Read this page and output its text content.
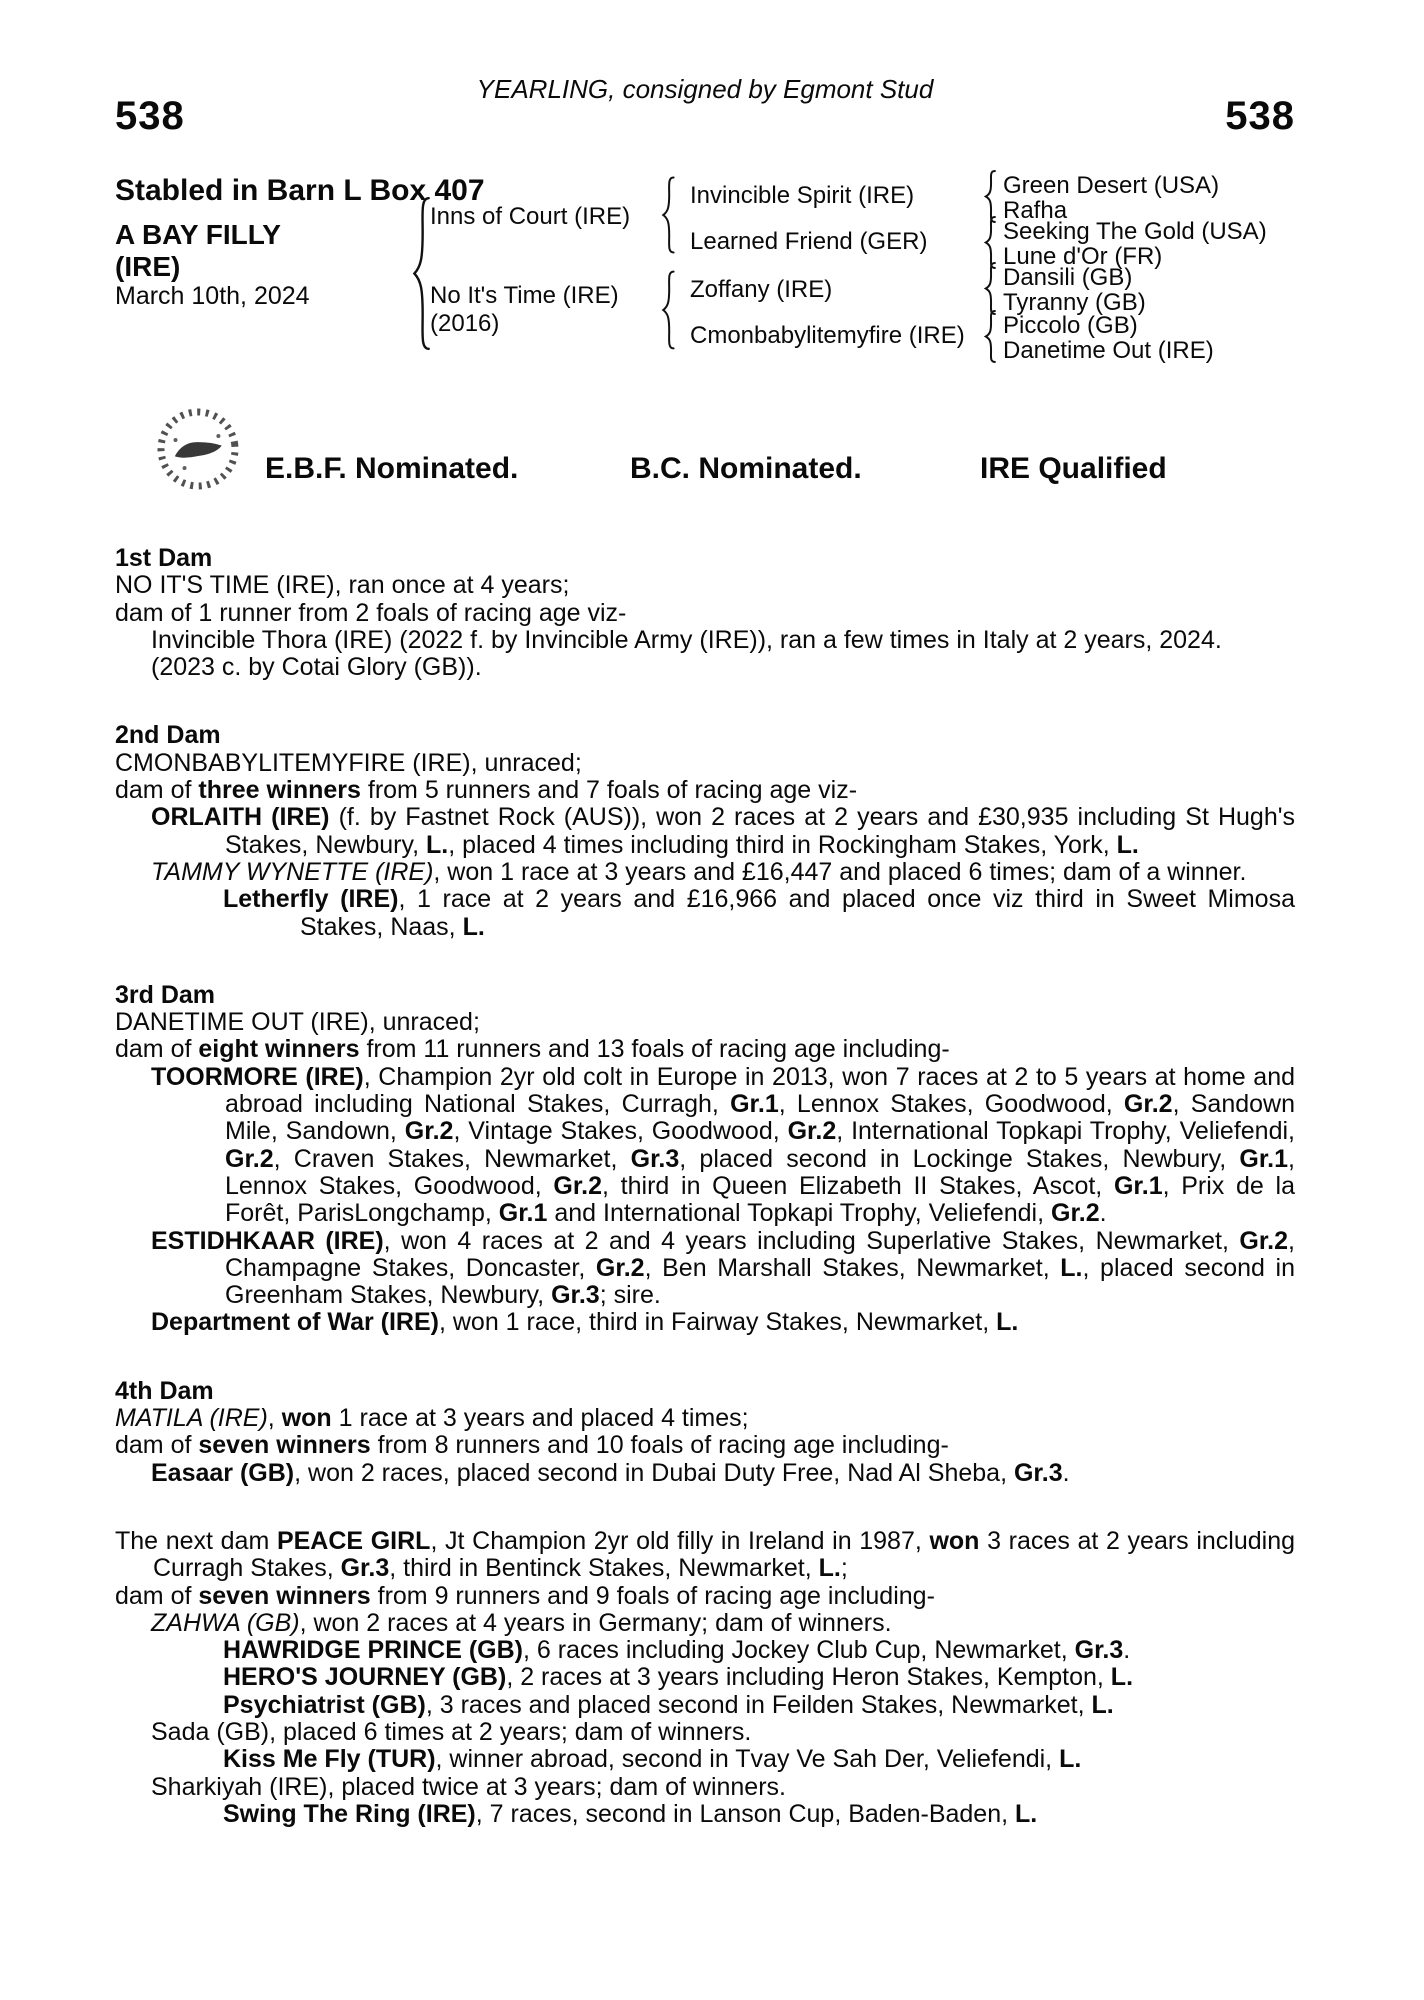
YEARLING, consigned by Egmont Stud
538	538
Stabled in Barn L Box 407
A BAY FILLY
(IRE)
March 10th, 2024
Inns of Court (IRE)
No It's Time (IRE)
(2016)
Invincible Spirit (IRE)
Learned Friend (GER)
Zoffany (IRE)
Cmonbabylitemyfire (IRE)
Green Desert (USA)
Rafha
Seeking The Gold (USA)
Lune d'Or (FR)
Dansili (GB)
Tyranny (GB)
Piccolo (GB)
Danetime Out (IRE)
E.B.F. Nominated.	B.C. Nominated.	IRE Qualified
1st Dam

NO IT'S TIME (IRE), ran once at 4 years;

dam of 1 runner from 2 foals of racing age viz-

Invincible Thora (IRE) (2022 f. by Invincible Army (IRE)), ran a few times in Italy at 2 years, 2024.

(2023 c. by Cotai Glory (GB)).

2nd Dam

CMONBABYLITEMYFIRE (IRE), unraced;

dam of three winners from 5 runners and 7 foals of racing age viz-

ORLAITH (IRE) (f. by Fastnet Rock (AUS)), won 2 races at 2 years and £30,935 including St Hugh's Stakes, Newbury, L., placed 4 times including third in Rockingham Stakes, York, L.

TAMMY WYNETTE (IRE), won 1 race at 3 years and £16,447 and placed 6 times; dam of a winner.

Letherfly (IRE), 1 race at 2 years and £16,966 and placed once viz third in Sweet Mimosa Stakes, Naas, L.

3rd Dam

DANETIME OUT (IRE), unraced;

dam of eight winners from 11 runners and 13 foals of racing age including-

TOORMORE (IRE), Champion 2yr old colt in Europe in 2013, won 7 races at 2 to 5 years at home and abroad including National Stakes, Curragh, Gr.1, Lennox Stakes, Goodwood, Gr.2, Sandown Mile, Sandown, Gr.2, Vintage Stakes, Goodwood, Gr.2, International Topkapi Trophy, Veliefendi, Gr.2, Craven Stakes, Newmarket, Gr.3, placed second in Lockinge Stakes, Newbury, Gr.1, Lennox Stakes, Goodwood, Gr.2, third in Queen Elizabeth II Stakes, Ascot, Gr.1, Prix de la Forêt, ParisLongchamp, Gr.1 and International Topkapi Trophy, Veliefendi, Gr.2.

ESTIDHKAAR (IRE), won 4 races at 2 and 4 years including Superlative Stakes, Newmarket, Gr.2, Champagne Stakes, Doncaster, Gr.2, Ben Marshall Stakes, Newmarket, L., placed second in Greenham Stakes, Newbury, Gr.3; sire.

Department of War (IRE), won 1 race, third in Fairway Stakes, Newmarket, L.

4th Dam

MATILA (IRE), won 1 race at 3 years and placed 4 times;

dam of seven winners from 8 runners and 10 foals of racing age including-

Easaar (GB), won 2 races, placed second in Dubai Duty Free, Nad Al Sheba, Gr.3.

The next dam PEACE GIRL, Jt Champion 2yr old filly in Ireland in 1987, won 3 races at 2 years including Curragh Stakes, Gr.3, third in Bentinck Stakes, Newmarket, L.;

dam of seven winners from 9 runners and 9 foals of racing age including-

ZAHWA (GB), won 2 races at 4 years in Germany; dam of winners.

HAWRIDGE PRINCE (GB), 6 races including Jockey Club Cup, Newmarket, Gr.3.

HERO'S JOURNEY (GB), 2 races at 3 years including Heron Stakes, Kempton, L.

Psychiatrist (GB), 3 races and placed second in Feilden Stakes, Newmarket, L.

Sada (GB), placed 6 times at 2 years; dam of winners.

Kiss Me Fly (TUR), winner abroad, second in Tvay Ve Sah Der, Veliefendi, L.

Sharkiyah (IRE), placed twice at 3 years; dam of winners.

Swing The Ring (IRE), 7 races, second in Lanson Cup, Baden-Baden, L.
